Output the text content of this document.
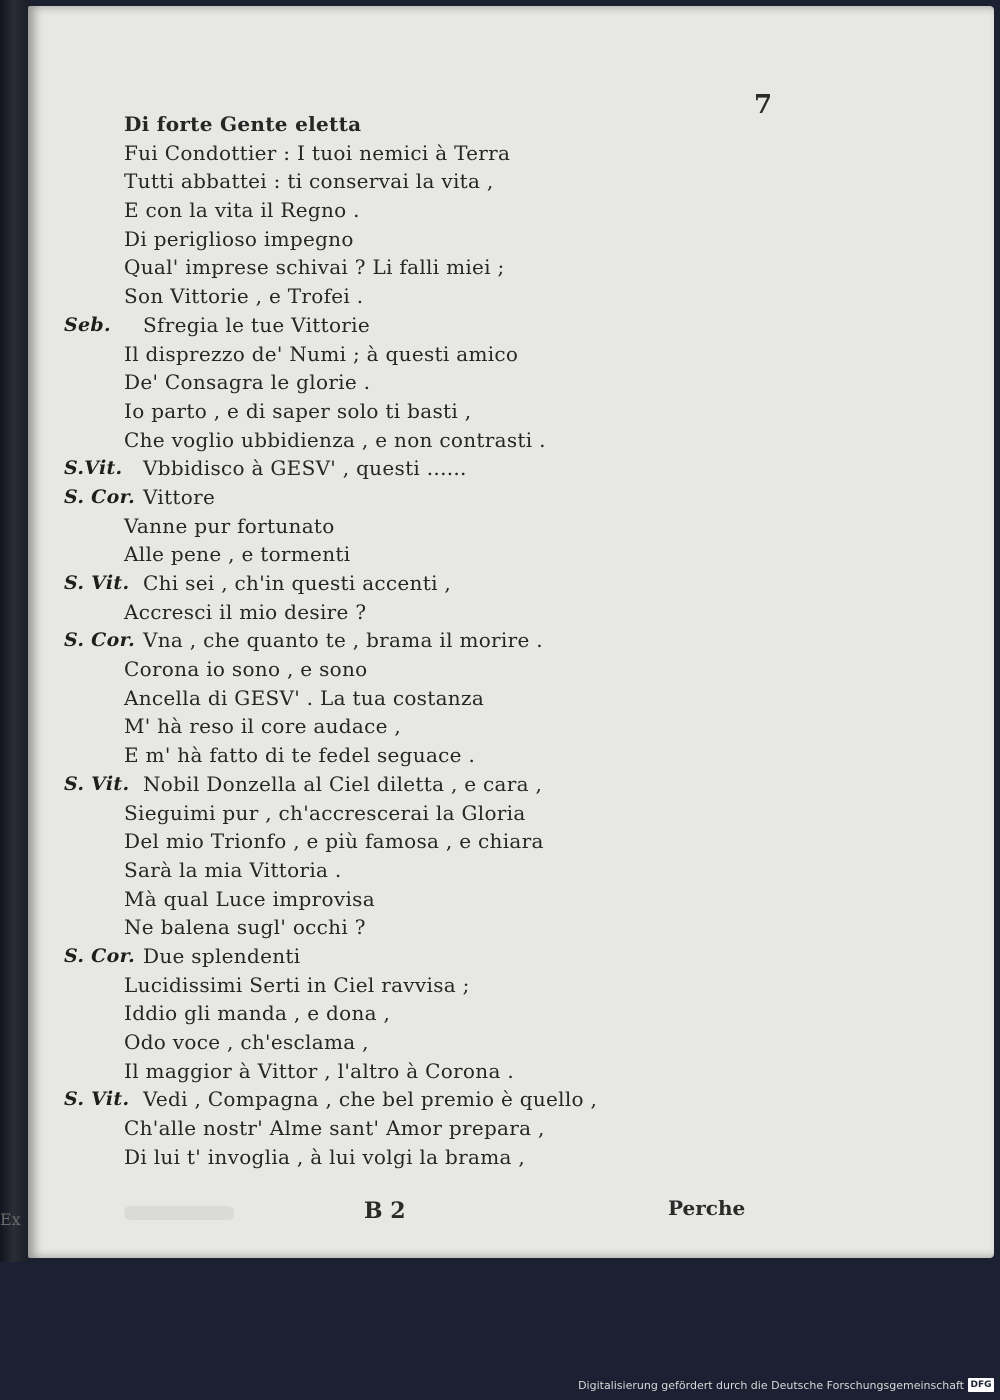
7
Di forte Gente eletta
Fui Condottier : I tuoi nemici à Terra
Tutti abbattei : ti conservai la vita ,
E con la vita il Regno .
Di periglioso impegno
Qual' imprese schivai ? Li falli miei ;
Son Vittorie , e Trofei .
Seb. Sfregia le tue Vittorie
Il disprezzo de' Numi ; à questi amico
De' Consagra le glorie .
Io parto , e di saper solo ti basti ,
Che voglio ubbidienza , e non contrasti .
S.Vit. Vbbidisco à GESV' , questi ......
S. Cor. Vittore
Vanne pur fortunato
Alle pene , e tormenti
S. Vit. Chi sei , ch'in questi accenti ,
Accresci il mio desire ?
S. Cor. Vna , che quanto te , brama il morire .
Corona io sono , e sono
Ancella di GESV' . La tua costanza
M' hà reso il core audace ,
E m' hà fatto di te fedel seguace .
S. Vit. Nobil Donzella al Ciel diletta , e cara ,
Sieguimi pur , ch'accrescerai la Gloria
Del mio Trionfo , e più famosa , e chiara
Sarà la mia Vittoria .
Mà qual Luce improvisa
Ne balena sugl' occhi ?
S. Cor. Due splendenti
Lucidissimi Serti in Ciel ravvisa ;
Iddio gli manda , e dona ,
Odo voce , ch'esclama ,
Il maggior à Vittor , l'altro à Corona .
S. Vit. Vedi , Compagna , che bel premio è quello ,
Ch'alle nostr' Alme sant' Amor prepara ,
Di lui t' invoglia , à lui volgi la brama ,
B 2	Perche
Ex
Digitalisierung gefördert durch die Deutsche Forschungsgemeinschaft DFG
